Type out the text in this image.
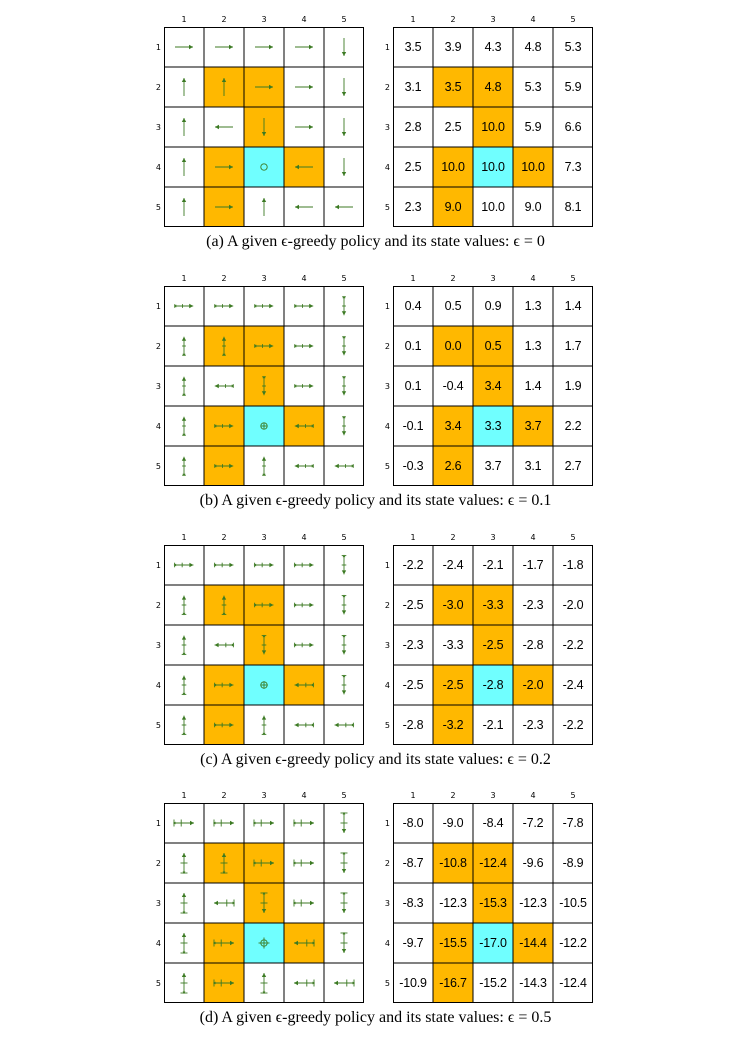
1	2	3	4	5
1
2
3
4
5
1	2	3	4	5
1
2
3
4
5
3.5 3.9 4.3 4.8 5.3
3.1 3.5 4.8 5.3 5.9
2.8 2.5 10.0 5.9 6.6
2.5 10.0 10.0 10.0 7.3
2.3 9.0 10.0 9.0 8.1
(a) A given ϵ-greedy policy and its state values: ϵ = 0
1	2	3	4	5
1
2
3
4
5
1	2	3	4	5
1
2
3
4
5
0.4 0.5 0.9 1.3 1.4
0.1 0.0 0.5 1.3 1.7
0.1 -0.4 3.4 1.4 1.9
-0.1 3.4 3.3 3.7 2.2
-0.3 2.6 3.7 3.1 2.7
(b) A given ϵ-greedy policy and its state values: ϵ = 0.1
1	2	3	4	5
1
2
3
4
5
1	2	3	4	5
1
2
3
4
5
-2.2 -2.4 -2.1 -1.7 -1.8
-2.5 -3.0 -3.3 -2.3 -2.0
-2.3 -3.3 -2.5 -2.8 -2.2
-2.5 -2.5 -2.8 -2.0 -2.4
-2.8 -3.2 -2.1 -2.3 -2.2
(c) A given ϵ-greedy policy and its state values: ϵ = 0.2
1	2	3	4	5
1
2
3
4
5
1	2	3	4	5
1
2
3
4
5
-8.0 -9.0 -8.4 -7.2 -7.8
-8.7 -10.8 -12.4 -9.6 -8.9
-8.3 -12.3 -15.3 -12.3 -10.5
-9.7 -15.5 -17.0 -14.4 -12.2
-10.9 -16.7 -15.2 -14.3 -12.4
(d) A given ϵ-greedy policy and its state values: ϵ = 0.5
